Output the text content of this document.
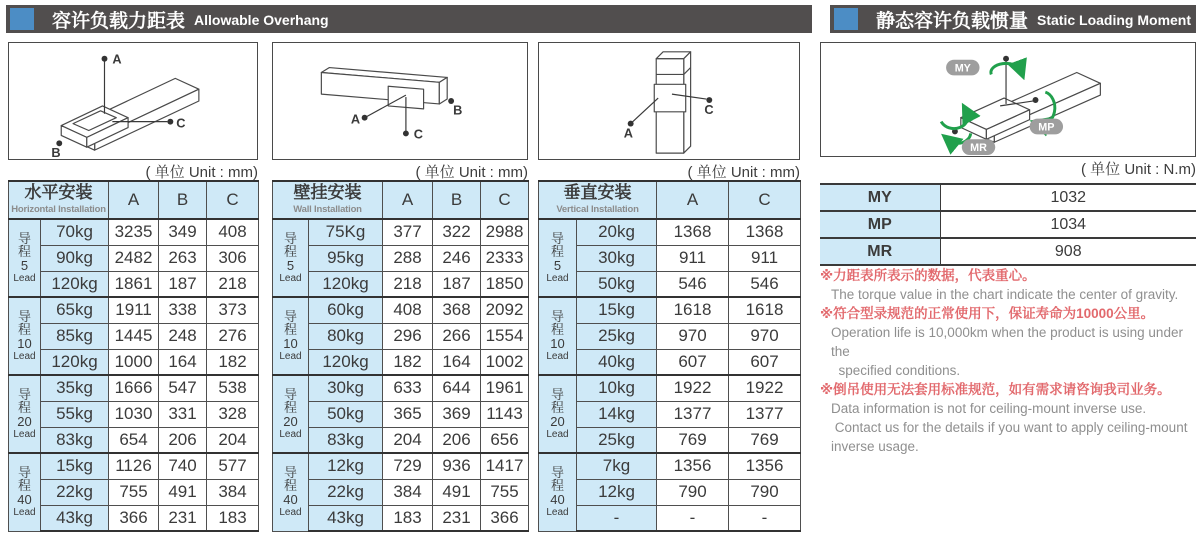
容许负载力距表 Allowable Overhang	静态容许负载惯量 Static Loading Moment
A
B
C	A
B
C	A
C
MY
MP
MR
( 单位 Unit : mm)	( 单位 Unit : mm)	( 单位 Unit : mm)	( 单位 Unit : N.m)
水平安装
Horizontal Installation		A	B	C

导
程
5
Lead	70kg	3235	349	408
	90kg	2482	263	306
	120kg	1861	187	218

导
程
10
Lead	65kg	1911	338	373
	85kg	1445	248	276
	120kg	1000	164	182

导
程
20
Lead	35kg	1666	547	538
	55kg	1030	331	328
	83kg	654	206	204

导
程
40
Lead	15kg	1126	740	577
	22kg	755	491	384
	43kg	366	231	183
壁挂安装
Wall Installation		A	B	C

导
程
5
Lead	75Kg	377	322	2988
	95kg	288	246	2333
	120kg	218	187	1850

导
程
10
Lead	60kg	408	368	2092
	80kg	296	266	1554
	120kg	182	164	1002

导
程
20
Lead	30kg	633	644	1961
	50kg	365	369	1143
	83kg	204	206	656

导
程
40
Lead	12kg	729	936	1417
	22kg	384	491	755
	43kg	183	231	366
垂直安装
Vertical Installation		A	C

导
程
5
Lead	20kg	1368	1368
	30kg	911	911
	50kg	546	546

导
程
10
Lead	15kg	1618	1618
	25kg	970	970
	40kg	607	607

导
程
20
Lead	10kg	1922	1922
	14kg	1377	1377
	25kg	769	769

导
程
40
Lead	7kg	1356	1356
	12kg	790	790
	-	-	-
MY	1032
MP	1034
MR	908
※力距表所表示的数据，代表重心。
The torque value in the chart indicate the center of gravity.
※符合型录规范的正常使用下，保证寿命为10000公里。
Operation life is 10,000km when the product is using under the
specified conditions.
※倒吊使用无法套用标准规范，如有需求请咨询我司业务。
Data information is not for ceiling-mount inverse use.
Contact us for the details if you want to apply ceiling-mount
inverse usage.
